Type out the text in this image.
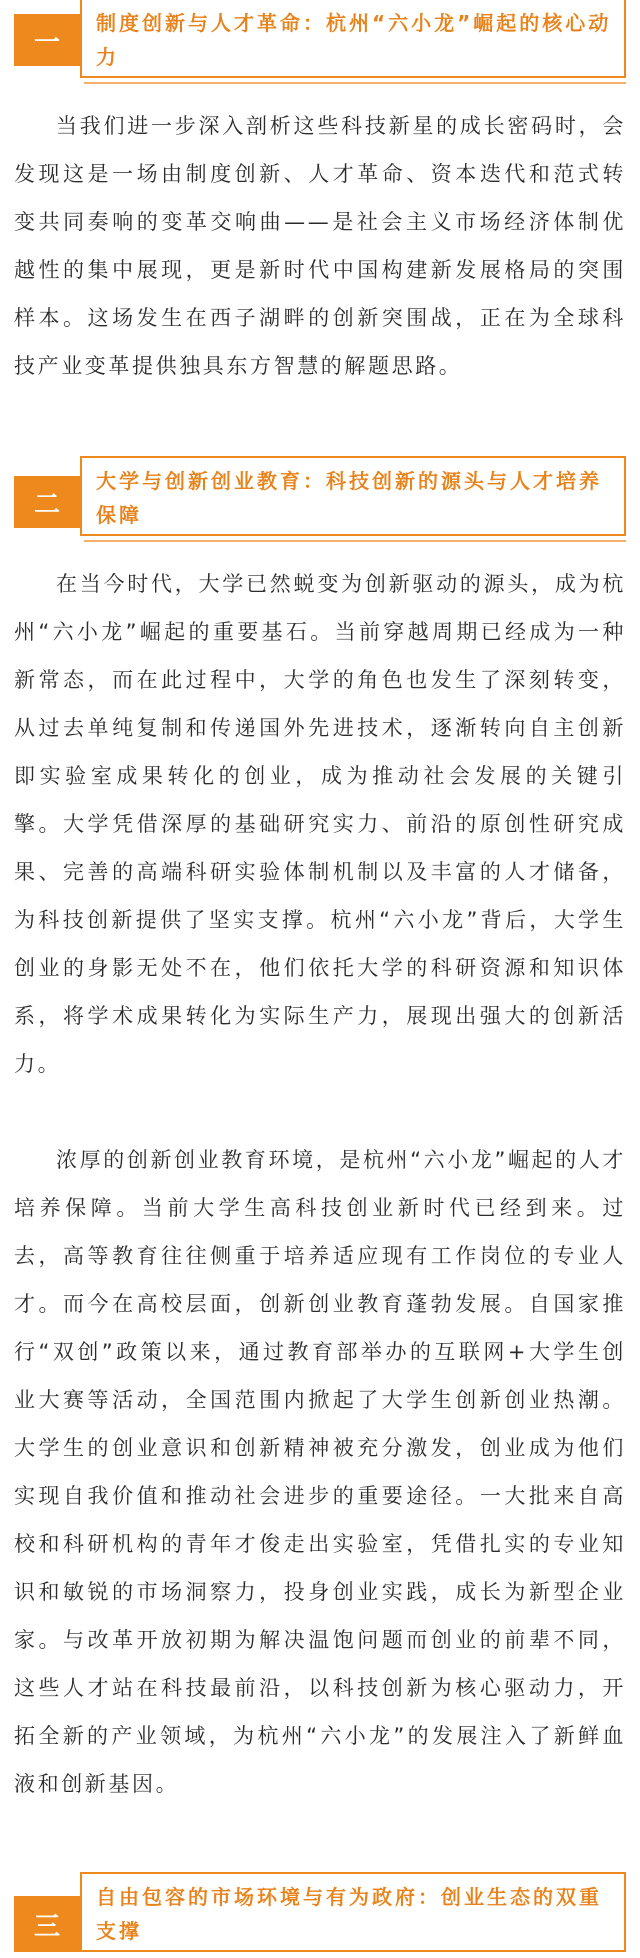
一
制度创新与人才革命：杭州“六小龙”崛起的核心动力

当我们进一步深入剖析这些科技新星的成长密码时，会发现这是一场由制度创新、人才革命、资本迭代和范式转变共同奏响的变革交响曲——是社会主义市场经济体制优越性的集中展现，更是新时代中国构建新发展格局的突围样本。这场发生在西子湖畔的创新突围战，正在为全球科技产业变革提供独具东方智慧的解题思路。

二
大学与创新创业教育：科技创新的源头与人才培养保障

在当今时代，大学已然蜕变为创新驱动的源头，成为杭州“六小龙”崛起的重要基石。当前穿越周期已经成为一种新常态，而在此过程中，大学的角色也发生了深刻转变，从过去单纯复制和传递国外先进技术，逐渐转向自主创新即实验室成果转化的创业，成为推动社会发展的关键引擎。大学凭借深厚的基础研究实力、前沿的原创性研究成果、完善的高端科研实验体制机制以及丰富的人才储备，为科技创新提供了坚实支撑。杭州“六小龙”背后，大学生创业的身影无处不在，他们依托大学的科研资源和知识体系，将学术成果转化为实际生产力，展现出强大的创新活力。

浓厚的创新创业教育环境，是杭州“六小龙”崛起的人才培养保障。当前大学生高科技创业新时代已经到来。过去，高等教育往往侧重于培养适应现有工作岗位的专业人才。而今在高校层面，创新创业教育蓬勃发展。自国家推行“双创”政策以来，通过教育部举办的互联网+大学生创业大赛等活动，全国范围内掀起了大学生创新创业热潮。大学生的创业意识和创新精神被充分激发，创业成为他们实现自我价值和推动社会进步的重要途径。一大批来自高校和科研机构的青年才俊走出实验室，凭借扎实的专业知识和敏锐的市场洞察力，投身创业实践，成长为新型企业家。与改革开放初期为解决温饱问题而创业的前辈不同，这些人才站在科技最前沿，以科技创新为核心驱动力，开拓全新的产业领域，为杭州“六小龙”的发展注入了新鲜血液和创新基因。

三
自由包容的市场环境与有为政府：创业生态的双重支撑
